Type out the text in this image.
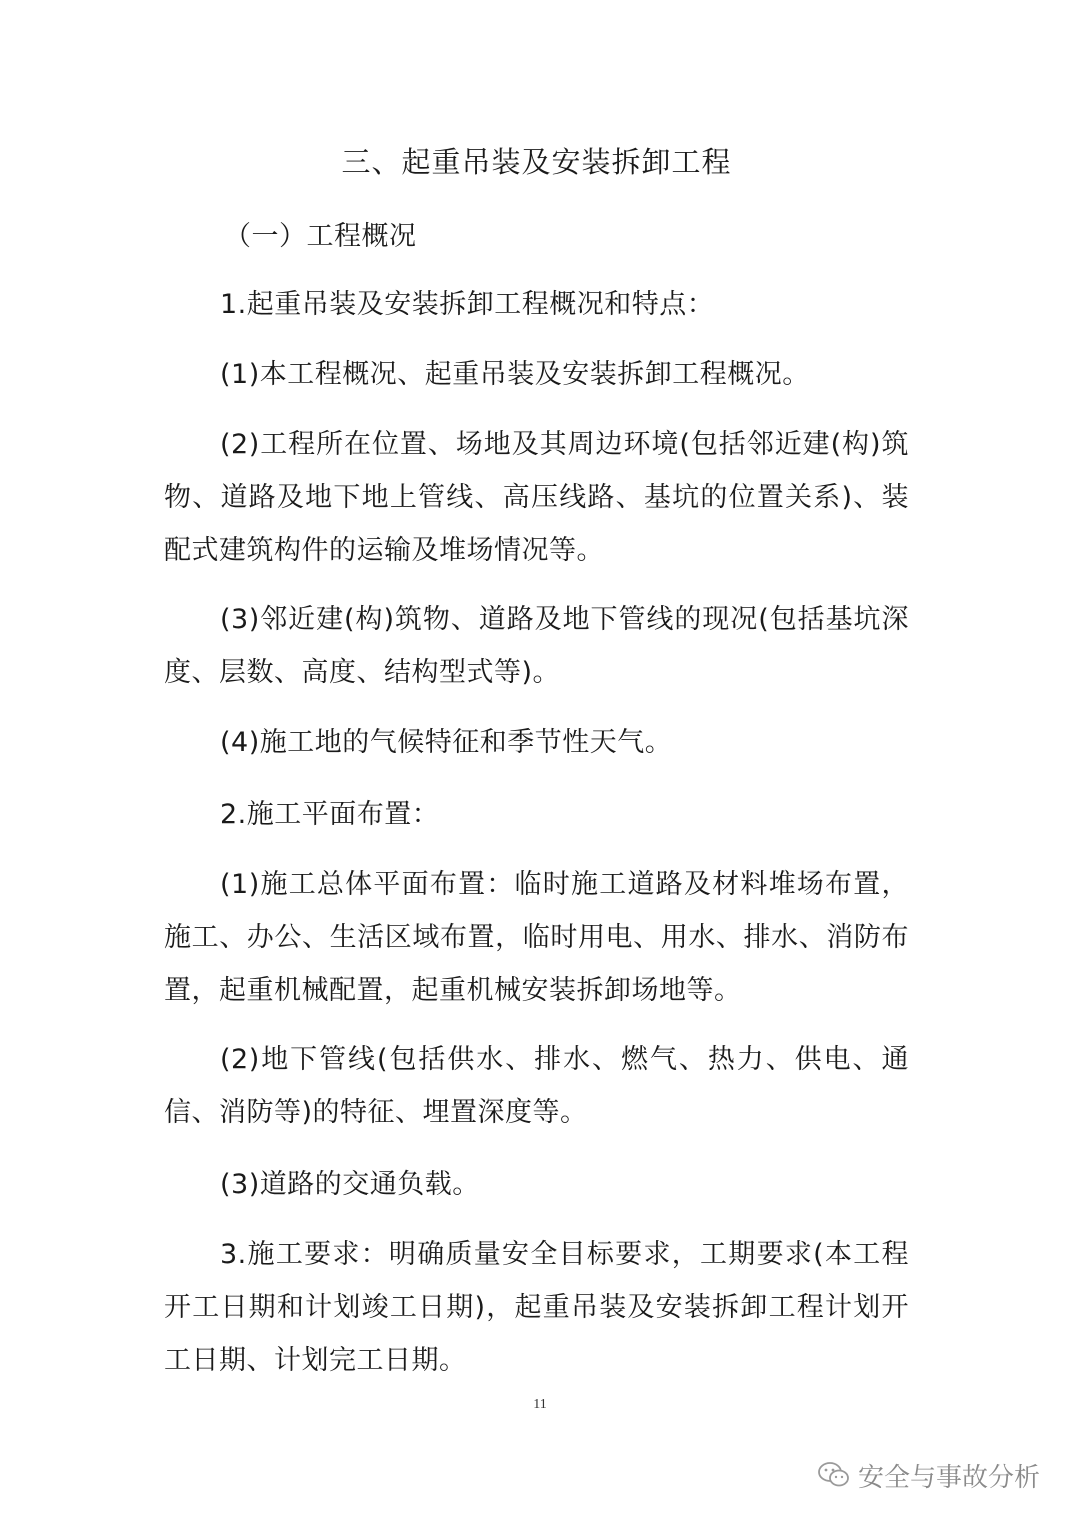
三、起重吊装及安装拆卸工程

（一）工程概况

1.起重吊装及安装拆卸工程概况和特点：

(1)本工程概况、起重吊装及安装拆卸工程概况。

(2)工程所在位置、场地及其周边环境(包括邻近建(构)筑物、道路及地下地上管线、高压线路、基坑的位置关系)、装配式建筑构件的运输及堆场情况等。

(3)邻近建(构)筑物、道路及地下管线的现况(包括基坑深度、层数、高度、结构型式等)。

(4)施工地的气候特征和季节性天气。

2.施工平面布置：

(1)施工总体平面布置：临时施工道路及材料堆场布置，施工、办公、生活区域布置，临时用电、用水、排水、消防布置，起重机械配置，起重机械安装拆卸场地等。

(2)地下管线(包括供水、排水、燃气、热力、供电、通信、消防等)的特征、埋置深度等。

(3)道路的交通负载。

3.施工要求：明确质量安全目标要求，工期要求(本工程开工日期和计划竣工日期)，起重吊装及安装拆卸工程计划开工日期、计划完工日期。

11
安全与事故分析
